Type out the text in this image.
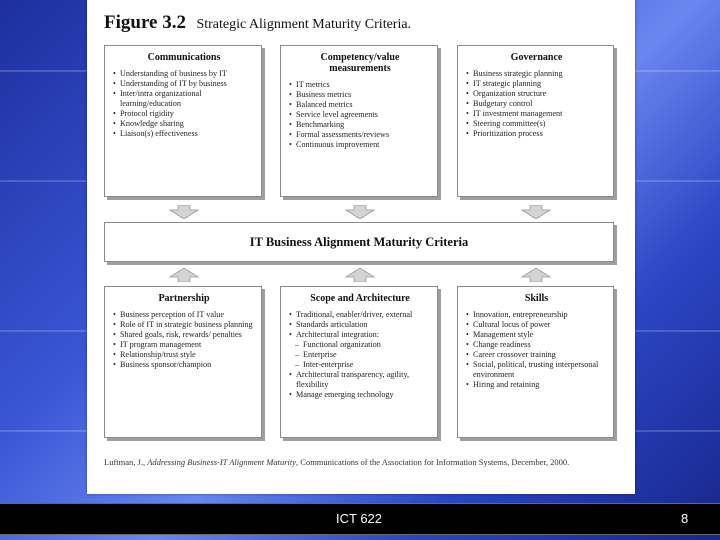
Figure 3.2 Strategic Alignment Maturity Criteria.
Communications
• Understanding of business by IT
• Understanding of IT by business
• Inter/intra organizational learning/education
• Protocol rigidity
• Knowledge sharing
• Liaison(s) effectiveness
Competency/value measurements
• IT metrics
• Business metrics
• Balanced metrics
• Service level agreements
• Benchmarking
• Formal assessments/reviews
• Continuous improvement
Governance
• Business strategic planning
• IT strategic planning
• Organization structure
• Budgetary control
• IT investment management
• Steering committee(s)
• Prioritization process
IT Business Alignment Maturity Criteria
Partnership
• Business perception of IT value
• Role of IT in strategic business planning
• Shared goals, risk, rewards/ penalties
• IT program management
• Relationship/trust style
• Business sponsor/champion
Scope and Architecture
• Traditional, enabler/driver, external
• Standards articulation
• Architectural integration:
– Functional organization
– Enterprise
– Inter-enterprise
• Architectural transparency, agility, flexibility
• Manage emerging technology
Skills
• Innovation, entrepreneurship
• Cultural locus of power
• Management style
• Change readiness
• Career crossover training
• Social, political, trusting interpersonal environment
• Hiring and retaining
Luftman, J., Addressing Business-IT Alignment Maturity, Communications of the Association for Information Systems, December, 2000.
ICT 622	8
